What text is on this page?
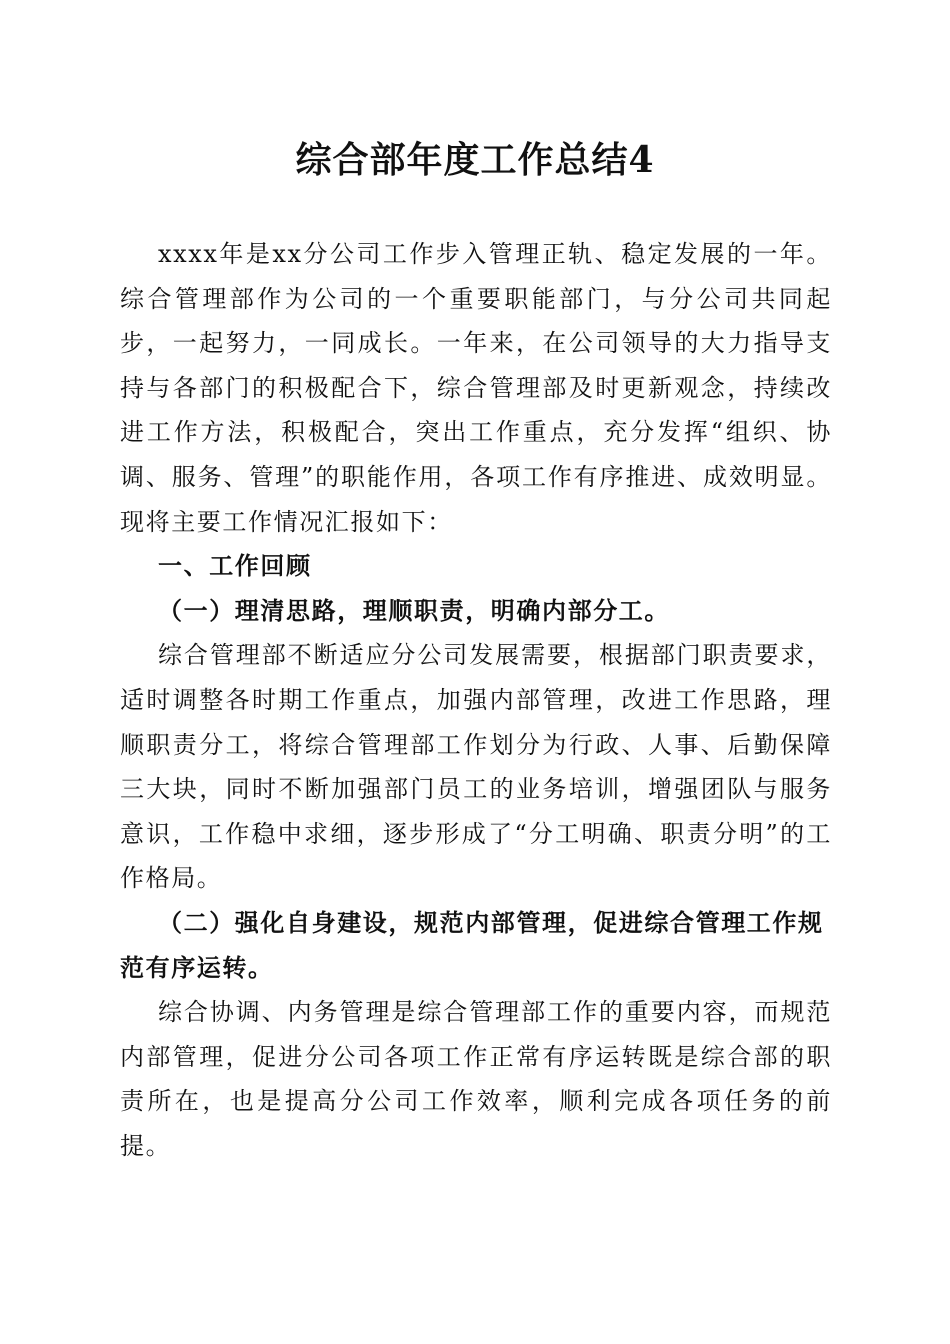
综合部年度工作总结4

xxxx年是xx分公司工作步入管理正轨、稳定发展的一年。综合管理部作为公司的一个重要职能部门，与分公司共同起步，一起努力，一同成长。一年来，在公司领导的大力指导支持与各部门的积极配合下，综合管理部及时更新观念，持续改进工作方法，积极配合，突出工作重点，充分发挥“组织、协调、服务、管理”的职能作用，各项工作有序推进、成效明显。现将主要工作情况汇报如下：

一、工作回顾

（一）理清思路，理顺职责，明确内部分工。

综合管理部不断适应分公司发展需要，根据部门职责要求，适时调整各时期工作重点，加强内部管理，改进工作思路，理顺职责分工，将综合管理部工作划分为行政、人事、后勤保障三大块，同时不断加强部门员工的业务培训，增强团队与服务意识，工作稳中求细，逐步形成了“分工明确、职责分明”的工作格局。

（二）强化自身建设，规范内部管理，促进综合管理工作规范有序运转。

综合协调、内务管理是综合管理部工作的重要内容，而规范内部管理，促进分公司各项工作正常有序运转既是综合部的职责所在，也是提高分公司工作效率，顺利完成各项任务的前提。
